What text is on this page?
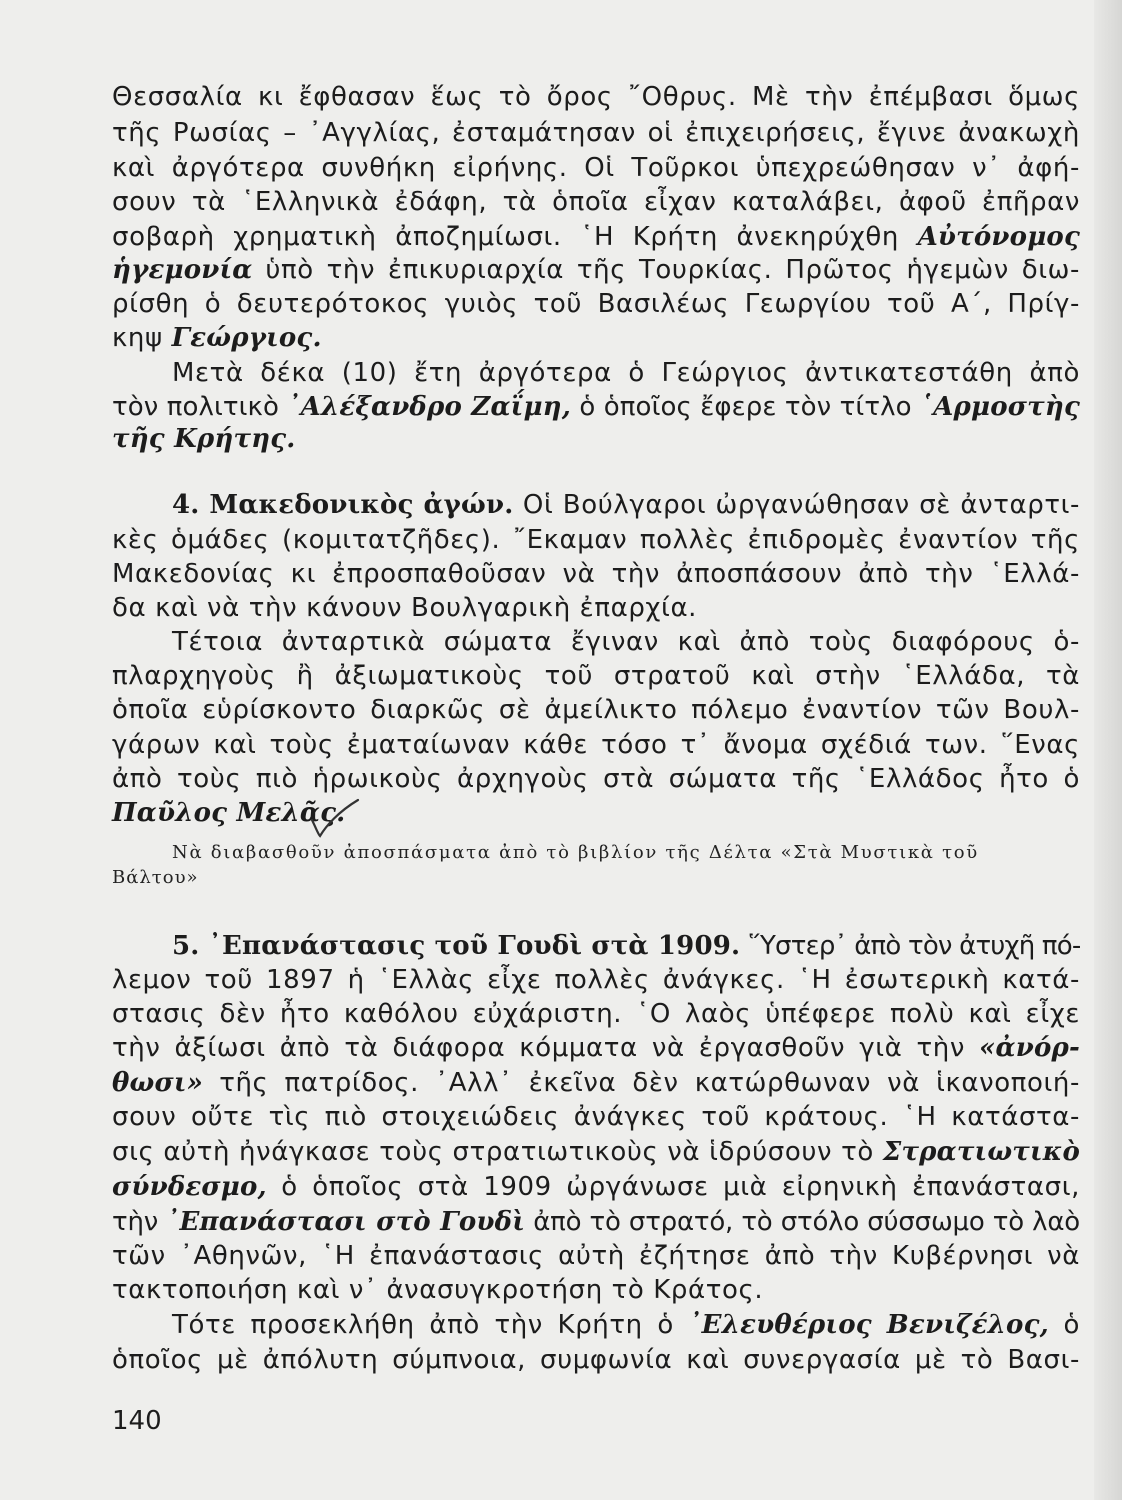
Θεσσαλία κι ἔφθασαν ἕως τὸ ὄρος ῎Οθρυς. Μὲ τὴν ἐπέμβασι ὅμως

τῆς Ρωσίας – ᾿Αγγλίας, ἐσταμάτησαν οἱ ἐπιχειρήσεις, ἔγινε ἀνακωχὴ

καὶ ἀργότερα συνθήκη εἰρήνης. Οἱ Τοῦρκοι ὑπεχρεώθησαν ν᾿ ἀφή-

σουν τὰ ῾Ελληνικὰ ἐδάφη, τὰ ὁποῖα εἶχαν καταλάβει, ἀφοῦ ἐπῆραν

σοβαρὴ χρηματικὴ ἀποζημίωσι. ῾Η Κρήτη ἀνεκηρύχθη Αὐτόνομος

ἡγεμονία ὑπὸ τὴν ἐπικυριαρχία τῆς Τουρκίας. Πρῶτος ἡγεμὼν διω-

ρίσθη ὁ δευτερότοκος γυιὸς τοῦ Βασιλέως Γεωργίου τοῦ Α΄, Πρίγ-

κηψ Γεώργιος.

Μετὰ δέκα (10) ἔτη ἀργότερα ὁ Γεώργιος ἀντικατεστάθη ἀπὸ

τὸν πολιτικὸ ᾿Αλέξανδρο Ζαΐμη, ὁ ὁποῖος ἔφερε τὸν τίτλο ῾Αρμοστὴς

τῆς Κρήτης.

4. Μακεδονικὸς ἀγών. Οἱ Βούλγαροι ὠργανώθησαν σὲ ἀνταρτι-

κὲς ὁμάδες (κομιτατζῆδες). ῎Εκαμαν πολλὲς ἐπιδρομὲς ἐναντίον τῆς

Μακεδονίας κι ἐπροσπαθοῦσαν νὰ τὴν ἀποσπάσουν ἀπὸ τὴν ῾Ελλά-

δα καὶ νὰ τὴν κάνουν Βουλγαρικὴ ἐπαρχία.

Τέτοια ἀνταρτικὰ σώματα ἔγιναν καὶ ἀπὸ τοὺς διαφόρους ὁ-

πλαρχηγοὺς ἢ ἀξιωματικοὺς τοῦ στρατοῦ καὶ στὴν ῾Ελλάδα, τὰ

ὁποῖα εὑρίσκοντο διαρκῶς σὲ ἀμείλικτο πόλεμο ἐναντίον τῶν Βουλ-

γάρων καὶ τοὺς ἐματαίωναν κάθε τόσο τ᾿ ἄνομα σχέδιά των. ῞Ενας

ἀπὸ τοὺς πιὸ ἡρωικοὺς ἀρχηγοὺς στὰ σώματα τῆς ῾Ελλάδος ἦτο ὁ

Παῦλος Μελᾶς.

Νὰ διαβασθοῦν ἀποσπάσματα ἀπὸ τὸ βιβλίον τῆς Δέλτα «Στὰ Μυστικὰ τοῦ
Βάλτου»

5. ᾿Επανάστασις τοῦ Γουδὶ στὰ 1909. ῞Υστερ᾿ ἀπὸ τὸν ἀτυχῆ πό-

λεμον τοῦ 1897 ἡ ῾Ελλὰς εἶχε πολλὲς ἀνάγκες. ῾Η ἐσωτερικὴ κατά-

στασις δὲν ἦτο καθόλου εὐχάριστη. ῾Ο λαὸς ὑπέφερε πολὺ καὶ εἶχε

τὴν ἀξίωσι ἀπὸ τὰ διάφορα κόμματα νὰ ἐργασθοῦν γιὰ τὴν «ἀνόρ-

θωσι» τῆς πατρίδος. ᾿Αλλ᾿ ἐκεῖνα δὲν κατώρθωναν νὰ ἱκανοποιή-

σουν οὔτε τὶς πιὸ στοιχειώδεις ἀνάγκες τοῦ κράτους. ῾Η κατάστα-

σις αὐτὴ ἠνάγκασε τοὺς στρατιωτικοὺς νὰ ἱδρύσουν τὸ Στρατιωτικὸ

σύνδεσμο, ὁ ὁποῖος στὰ 1909 ὠργάνωσε μιὰ εἰρηνικὴ ἐπανάστασι,

τὴν ᾿Επανάστασι στὸ Γουδὶ ἀπὸ τὸ στρατό, τὸ στόλο σύσσωμο τὸ λαὸ

τῶν ᾿Αθηνῶν, ῾Η ἐπανάστασις αὐτὴ ἐζήτησε ἀπὸ τὴν Κυβέρνησι νὰ

τακτοποιήση καὶ ν᾿ ἀνασυγκροτήση τὸ Κράτος.

Τότε προσεκλήθη ἀπὸ τὴν Κρήτη ὁ ᾿Ελευθέριος Βενιζέλος, ὁ

ὁποῖος μὲ ἀπόλυτη σύμπνοια, συμφωνία καὶ συνεργασία μὲ τὸ Βασι-

140
